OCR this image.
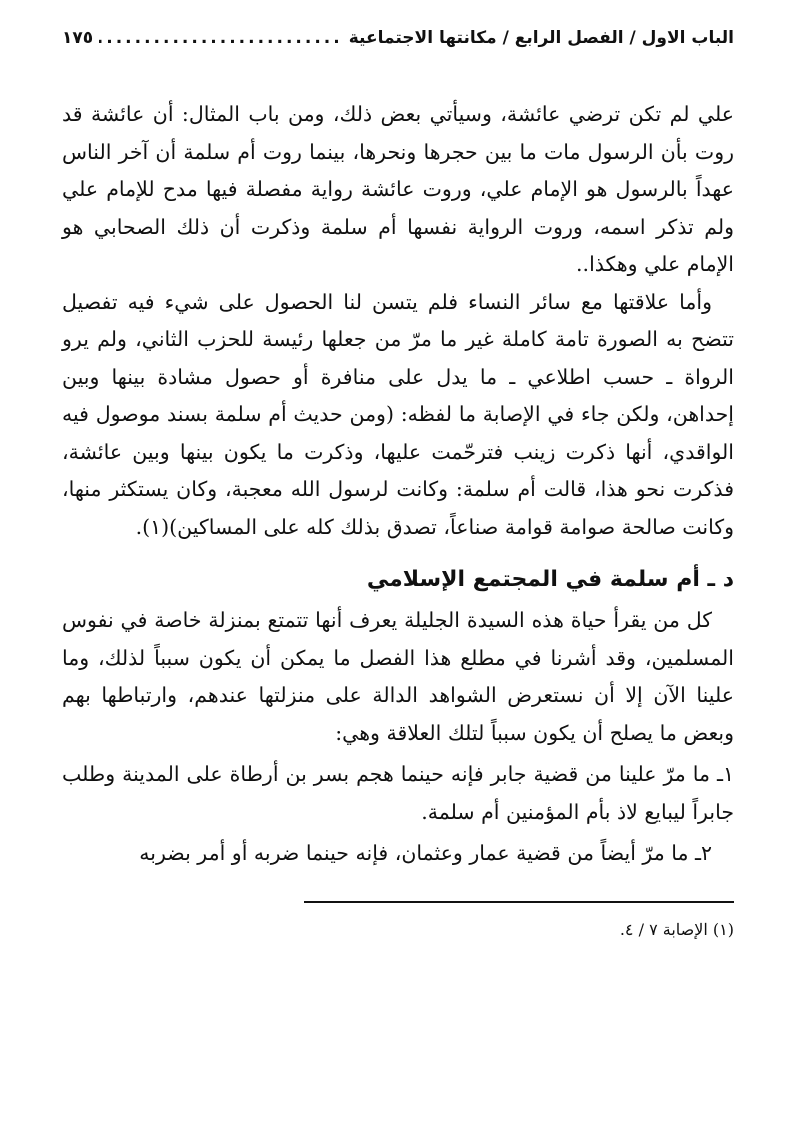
الباب الاول / الفصل الرابع / مكانتها الاجتماعية
.....
١٧٥

علي لم تكن ترضي عائشة، وسيأتي بعض ذلك، ومن باب المثال: أن عائشة قد روت بأن الرسول مات ما بين حجرها ونحرها، بينما روت أم سلمة أن آخر الناس عهداً بالرسول هو الإمام علي، وروت عائشة رواية مفصلة فيها مدح للإمام علي ولم تذكر اسمه، وروت الرواية نفسها أم سلمة وذكرت أن ذلك الصحابي هو الإمام علي وهكذا..

وأما علاقتها مع سائر النساء فلم يتسن لنا الحصول على شيء فيه تفصيل تتضح به الصورة تامة كاملة غير ما مرّ من جعلها رئيسة للحزب الثاني، ولم يرو الرواة ـ حسب اطلاعي ـ ما يدل على منافرة أو حصول مشادة بينها وبين إحداهن، ولكن جاء في الإصابة ما لفظه: (ومن حديث أم سلمة بسند موصول فيه الواقدي، أنها ذكرت زينب فترحّمت عليها، وذكرت ما يكون بينها وبين عائشة، فذكرت نحو هذا، قالت أم سلمة: وكانت لرسول الله معجبة، وكان يستكثر منها، وكانت صالحة صوامة قوامة صناعاً، تصدق بذلك كله على المساكين)(١).

د ـ أم سلمة في المجتمع الإسلامي

كل من يقرأ حياة هذه السيدة الجليلة يعرف أنها تتمتع بمنزلة خاصة في نفوس المسلمين، وقد أشرنا في مطلع هذا الفصل ما يمكن أن يكون سبباً لذلك، وما علينا الآن إلا أن نستعرض الشواهد الدالة على منزلتها عندهم، وارتباطها بهم وبعض ما يصلح أن يكون سبباً لتلك العلاقة وهي:

١ـ ما مرّ علينا من قضية جابر فإنه حينما هجم بسر بن أرطاة على المدينة وطلب جابراً ليبايع لاذ بأم المؤمنين أم سلمة.

٢ـ ما مرّ أيضاً من قضية عمار وعثمان، فإنه حينما ضربه أو أمر بضربه

(١) الإصابة ٧ / ٤.
